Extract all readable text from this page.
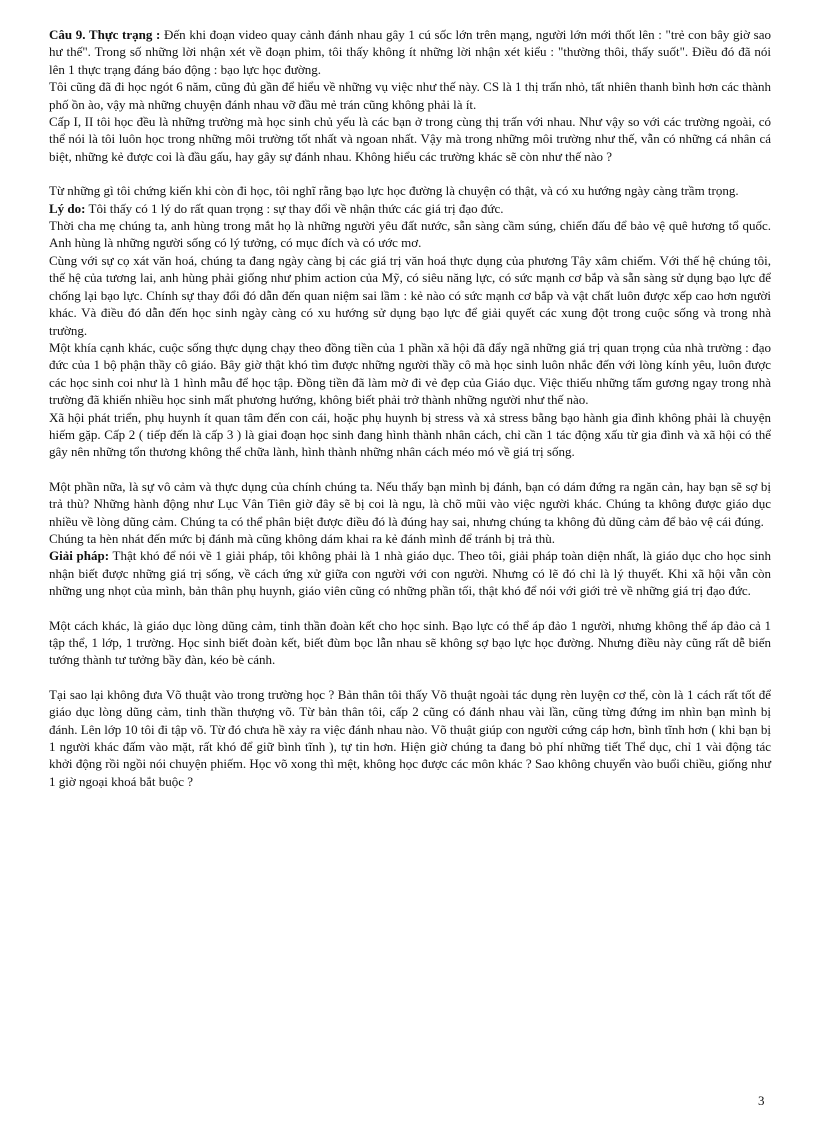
Câu 9. Thực trạng : Đến khi đoạn video quay cảnh đánh nhau gây 1 cú sốc lớn trên mạng, người lớn mới thốt lên : "trẻ con bây giờ sao hư thế". Trong số những lời nhận xét về đoạn phim, tôi thấy không ít những lời nhận xét kiểu : "thường thôi, thấy suốt". Điều đó đã nói lên 1 thực trạng đáng báo động : bạo lực học đường.

Tôi cũng đã đi học ngót 6 năm, cũng đủ gần để hiểu về những vụ việc như thế này. CS là 1 thị trấn nhỏ, tất nhiên thanh bình hơn các thành phố ồn ào, vậy mà những chuyện đánh nhau vỡ đầu mẻ trán cũng không phải là ít.

Cấp I, II tôi học đều là những trường mà học sinh chủ yếu là các bạn ở trong cùng thị trấn với nhau. Như vậy so với các trường ngoài, có thể nói là tôi luôn học trong những môi trường tốt nhất và ngoan nhất. Vậy mà trong những môi trường như thế, vẫn có những cá nhân cá biệt, những kẻ được coi là đầu gấu, hay gây sự đánh nhau. Không hiểu các trường khác sẽ còn như thế nào ?

Từ những gì tôi chứng kiến khi còn đi học, tôi nghĩ rằng bạo lực học đường là chuyện có thật, và có xu hướng ngày càng trầm trọng.

Lý do: Tôi thấy có 1 lý do rất quan trọng : sự thay đổi về nhận thức các giá trị đạo đức.

Thời cha mẹ chúng ta, anh hùng trong mắt họ là những người yêu đất nước, sẵn sàng cầm súng, chiến đấu để bảo vệ quê hương tổ quốc. Anh hùng là những người sống có lý tưởng, có mục đích và có ước mơ.

Cùng với sự cọ xát văn hoá, chúng ta đang ngày càng bị các giá trị văn hoá thực dụng của phương Tây xâm chiếm. Với thế hệ chúng tôi, thế hệ của tương lai, anh hùng phải giống như phim action của Mỹ, có siêu năng lực, có sức mạnh cơ bắp và sẵn sàng sử dụng bạo lực để chống lại bạo lực. Chính sự thay đổi đó dẫn đến quan niệm sai lầm : kẻ nào có sức mạnh cơ bắp và vật chất luôn được xếp cao hơn người khác. Và điều đó dẫn đến học sinh ngày càng có xu hướng sử dụng bạo lực để giải quyết các xung đột trong cuộc sống và trong nhà trường.

Một khía cạnh khác, cuộc sống thực dụng chạy theo đồng tiền của 1 phần xã hội đã đẩy ngã những giá trị quan trọng của nhà trường : đạo đức của 1 bộ phận thầy cô giáo. Bây giờ thật khó tìm được những người thầy cô mà học sinh luôn nhắc đến với lòng kính yêu, luôn được các học sinh coi như là 1 hình mẫu để học tập. Đồng tiền đã làm mờ đi vẻ đẹp của Giáo dục. Việc thiếu những tấm gương ngay trong nhà trường đã khiến nhiều học sinh mất phương hướng, không biết phải trở thành những người như thế nào.

Xã hội phát triển, phụ huynh ít quan tâm đến con cái, hoặc phụ huynh bị stress và xả stress bằng bạo hành gia đình không phải là chuyện hiếm gặp. Cấp 2 ( tiếp đến là cấp 3 ) là giai đoạn học sinh đang hình thành nhân cách, chỉ cần 1 tác động xấu từ gia đình và xã hội có thể gây nên những tổn thương không thể chữa lành, hình thành những nhân cách méo mó về giá trị sống.

Một phần nữa, là sự vô cảm và thực dụng của chính chúng ta. Nếu thấy bạn mình bị đánh, bạn có dám đứng ra ngăn cản, hay bạn sẽ sợ bị trả thù? Những hành động như Lục Vân Tiên giờ đây sẽ bị coi là ngu, là chõ mũi vào việc người khác. Chúng ta không được giáo dục nhiều về lòng dũng cảm. Chúng ta có thể phân biệt được điều đó là đúng hay sai, nhưng chúng ta không đủ dũng cảm để bảo vệ cái đúng.

Chúng ta hèn nhát đến mức bị đánh mà cũng không dám khai ra kẻ đánh mình để tránh bị trả thù.

Giải pháp: Thật khó để nói về 1 giải pháp, tôi không phải là 1 nhà giáo dục. Theo tôi, giải pháp toàn diện nhất, là giáo dục cho học sinh nhận biết được những giá trị sống, về cách ứng xử giữa con người với con người. Nhưng có lẽ đó chỉ là lý thuyết. Khi xã hội vẫn còn những ung nhọt của mình, bản thân phụ huynh, giáo viên cũng có những phần tối, thật khó để nói với giới trẻ về những giá trị đạo đức.

Một cách khác, là giáo dục lòng dũng cảm, tinh thần đoàn kết cho học sinh. Bạo lực có thể áp đảo 1 người, nhưng không thể áp đảo cả 1 tập thể, 1 lớp, 1 trường. Học sinh biết đoàn kết, biết đùm bọc lẫn nhau sẽ không sợ bạo lực học đường. Nhưng điều này cũng rất dễ biến tướng thành tư tưởng bầy đàn, kéo bè cánh.

Tại sao lại không đưa Võ thuật vào trong trường học ? Bản thân tôi thấy Võ thuật ngoài tác dụng rèn luyện cơ thể, còn là 1 cách rất tốt để giáo dục lòng dũng cảm, tinh thần thượng võ. Từ bản thân tôi, cấp 2 cũng có đánh nhau vài lần, cũng từng đứng im nhìn bạn mình bị đánh. Lên lớp 10 tôi đi tập võ. Từ đó chưa hề xảy ra việc đánh nhau nào. Võ thuật giúp con người cứng cáp hơn, bình tĩnh hơn ( khi bạn bị 1 người khác đấm vào mặt, rất khó để giữ bình tĩnh ), tự tin hơn. Hiện giờ chúng ta đang bỏ phí những tiết Thể dục, chỉ 1 vài động tác khởi động rồi ngồi nói chuyện phiếm. Học võ xong thì mệt, không học được các môn khác ? Sao không chuyển vào buổi chiều, giống như 1 giờ ngoại khoá bắt buộc ?

3
